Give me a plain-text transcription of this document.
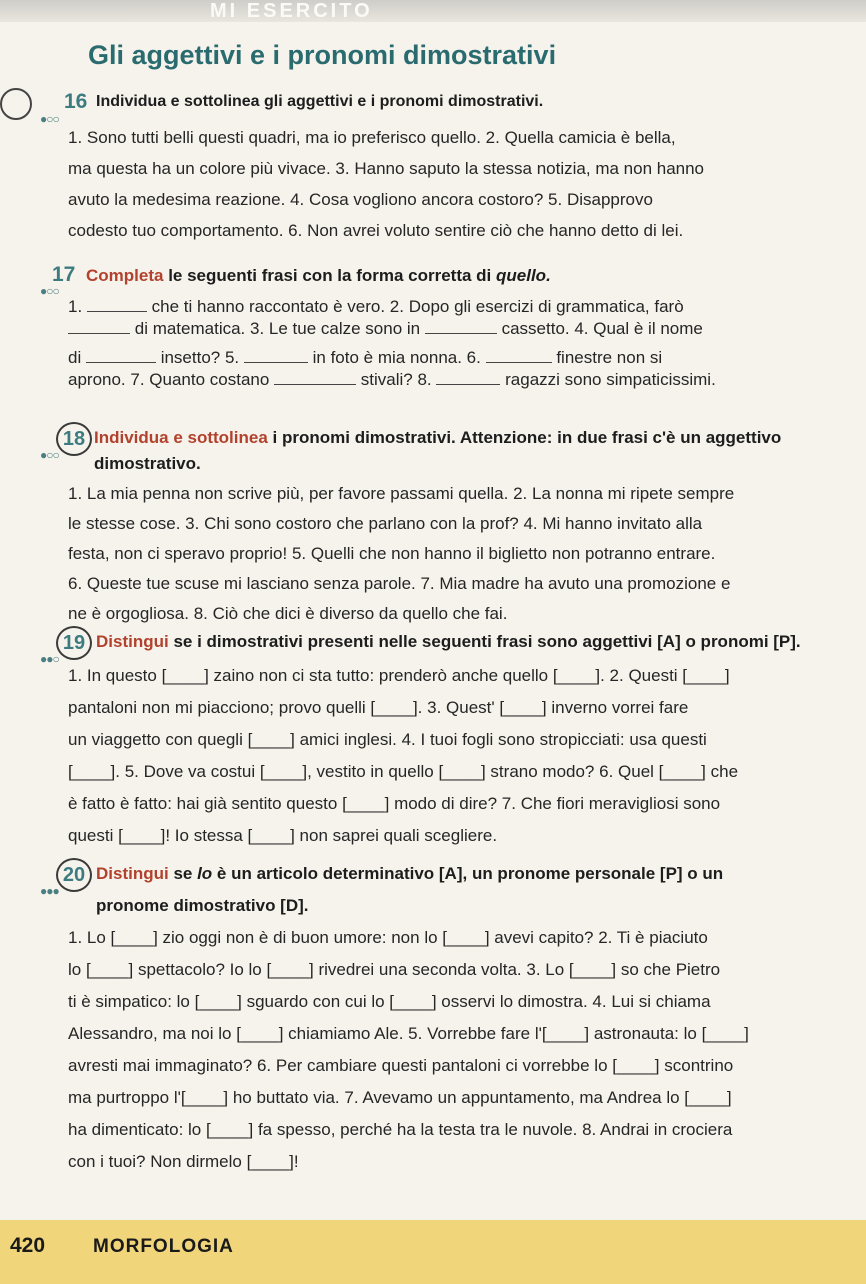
MI ESERCITO
Gli aggettivi e i pronomi dimostrativi
16
●○○
Individua e sottolinea gli aggettivi e i pronomi dimostrativi.
1. Sono tutti belli questi quadri, ma io preferisco quello. 2. Quella camicia è bella,
ma questa ha un colore più vivace. 3. Hanno saputo la stessa notizia, ma non hanno
avuto la medesima reazione. 4. Cosa vogliono ancora costoro? 5. Disapprovo
codesto tuo comportamento. 6. Non avrei voluto sentire ciò che hanno detto di lei.
17
●○○
Completa le seguenti frasi con la forma corretta di quello.
1.	che ti hanno raccontato è vero. 2. Dopo gli esercizi di grammatica, farò
di matematica. 3. Le tue calze sono in	cassetto. 4. Qual è il nome
di	insetto? 5.	in foto è mia nonna. 6.	finestre non si
aprono. 7. Quanto costano	stivali? 8.	ragazzi sono simpaticissimi.
18
●○○
Individua e sottolinea i pronomi dimostrativi. Attenzione: in due frasi c'è un aggettivo
dimostrativo.
1. La mia penna non scrive più, per favore passami quella. 2. La nonna mi ripete sempre
le stesse cose. 3. Chi sono costoro che parlano con la prof? 4. Mi hanno invitato alla
festa, non ci speravo proprio! 5. Quelli che non hanno il biglietto non potranno entrare.
6. Queste tue scuse mi lasciano senza parole. 7. Mia madre ha avuto una promozione e
ne è orgogliosa. 8. Ciò che dici è diverso da quello che fai.
19
●●○
Distingui se i dimostrativi presenti nelle seguenti frasi sono aggettivi [A] o pronomi [P].
1. In questo [____] zaino non ci sta tutto: prenderò anche quello [____]. 2. Questi [____]
pantaloni non mi piacciono; provo quelli [____]. 3. Quest' [____] inverno vorrei fare
un viaggetto con quegli [____] amici inglesi. 4. I tuoi fogli sono stropicciati: usa questi
[____]. 5. Dove va costui [____], vestito in quello [____] strano modo? 6. Quel [____] che
è fatto è fatto: hai già sentito questo [____] modo di dire? 7. Che fiori meravigliosi sono
questi [____]! Io stessa [____] non saprei quali scegliere.
20
●●●
Distingui se lo è un articolo determinativo [A], un pronome personale [P] o un
pronome dimostrativo [D].
1. Lo [____] zio oggi non è di buon umore: non lo [____] avevi capito? 2. Ti è piaciuto
lo [____] spettacolo? Io lo [____] rivedrei una seconda volta. 3. Lo [____] so che Pietro
ti è simpatico: lo [____] sguardo con cui lo [____] osservi lo dimostra. 4. Lui si chiama
Alessandro, ma noi lo [____] chiamiamo Ale. 5. Vorrebbe fare l'[____] astronauta: lo [____]
avresti mai immaginato? 6. Per cambiare questi pantaloni ci vorrebbe lo [____] scontrino
ma purtroppo l'[____] ho buttato via. 7. Avevamo un appuntamento, ma Andrea lo [____]
ha dimenticato: lo [____] fa spesso, perché ha la testa tra le nuvole. 8. Andrai in crociera
con i tuoi? Non dirmelo [____]!
420	MORFOLOGIA
